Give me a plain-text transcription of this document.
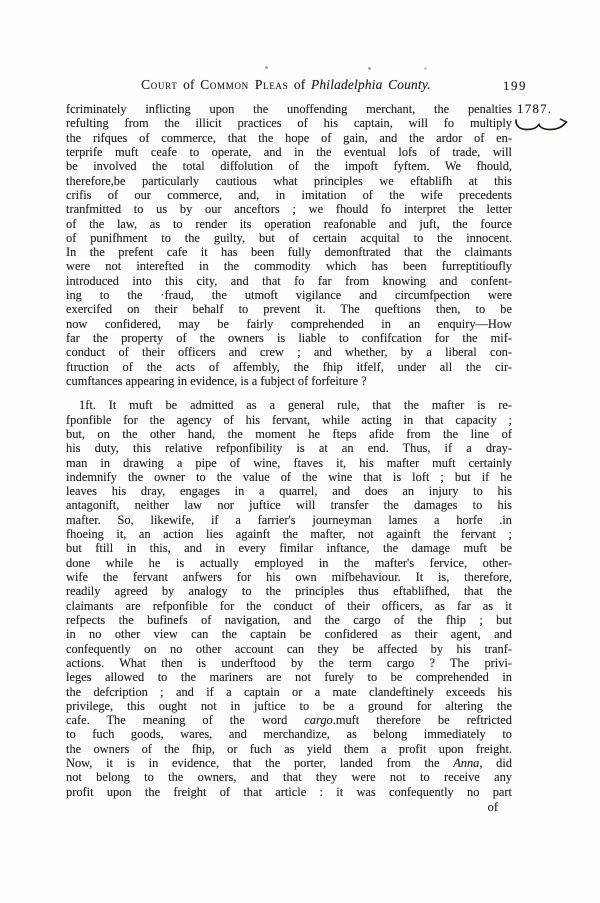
Court of Common Pleas of Philadelphia County.	199
1787.
fcriminately inflicting upon the unoffending merchant, the penalties
refulting from the illicit practices of his captain, will fo multiply
the rifques of commerce, that the hope of gain, and the ardor of en-
terprife muft ceafe to operate, and in the eventual lofs of trade, will
be involved the total diffolution of the impoft fyftem. We fhould,
therefore,be particularly cautious what principles we eftablifh at this
crifis of our commerce, and, in imitation of the wife precedents
tranfmitted to us by our anceftors ; we fhould fo interpret the letter
of the law, as to render its operation reafonable and juft, the fource
of punifhment to the guilty, but of certain acquital to the innocent.
In the prefent cafe it has been fully demonftrated that the claimants
were not interefted in the commodity which has been furreptitioufly
introduced into this city, and that fo far from knowing and confent-
ing to the ·fraud, the utmoft vigilance and circumfpection were
exercifed on their behalf to prevent it. The queftions then, to be
now confidered, may be fairly comprehended in an enquiry—How
far the property of the owners is liable to confifcation for the mif-
conduct of their officers and crew ; and whether, by a liberal con-
ftruction of the acts of affembly, the fhip itfelf, under all the cir-
cumftances appearing in evidence, is a fubject of forfeiture ?
1ft. It muft be admitted as a general rule, that the mafter is re-
fponfible for the agency of his fervant, while acting in that capacity ;
but, on the other hand, the moment he fteps afide from the line of
his duty, this relative refponfibility is at an end. Thus, if a dray-
man in drawing a pipe of wine, ftaves it, his mafter muft certainly
indemnify the owner to the value of the wine that is loft ; but if he
leaves his dray, engages in a quarrel, and does an injury to his
antagonift, neither law nor juftice will transfer the damages to his
mafter. So, likewife, if a farrier's journeyman lames a horfe .in
fhoeing it, an action lies againft the mafter, not againft the fervant ;
but ftill in this, and in every fimilar inftance, the damage muft be
done while he is actually employed in the mafter's fervice, other-
wife the fervant anfwers for his own mifbehaviour. It is, therefore,
readily agreed by analogy to the principles thus eftablifhed, that the
claimants are refponfible for the conduct of their officers, as far as it
refpects the bufinefs of navigation, and the cargo of the fhip ; but
in no other view can the captain be confidered as their agent, and
confequently on no other account can they be affected by his tranf-
actions. What then is underftood by the term cargo ? The privi-
leges allowed to the mariners are not furely to be comprehended in
the defcription ; and if a captain or a mate clandeftinely exceeds his
privilege, this ought not in juftice to be a ground for altering the
cafe. The meaning of the word cargo.muft therefore be reftricted
to fuch goods, wares, and merchandize, as belong immediately to
the owners of the fhip, or fuch as yield them a profit upon freight.
Now, it is in evidence, that the porter, landed from the Anna, did
not belong to the owners, and that they were not to receive any
profit upon the freight of that article : it was confequently no part
of
